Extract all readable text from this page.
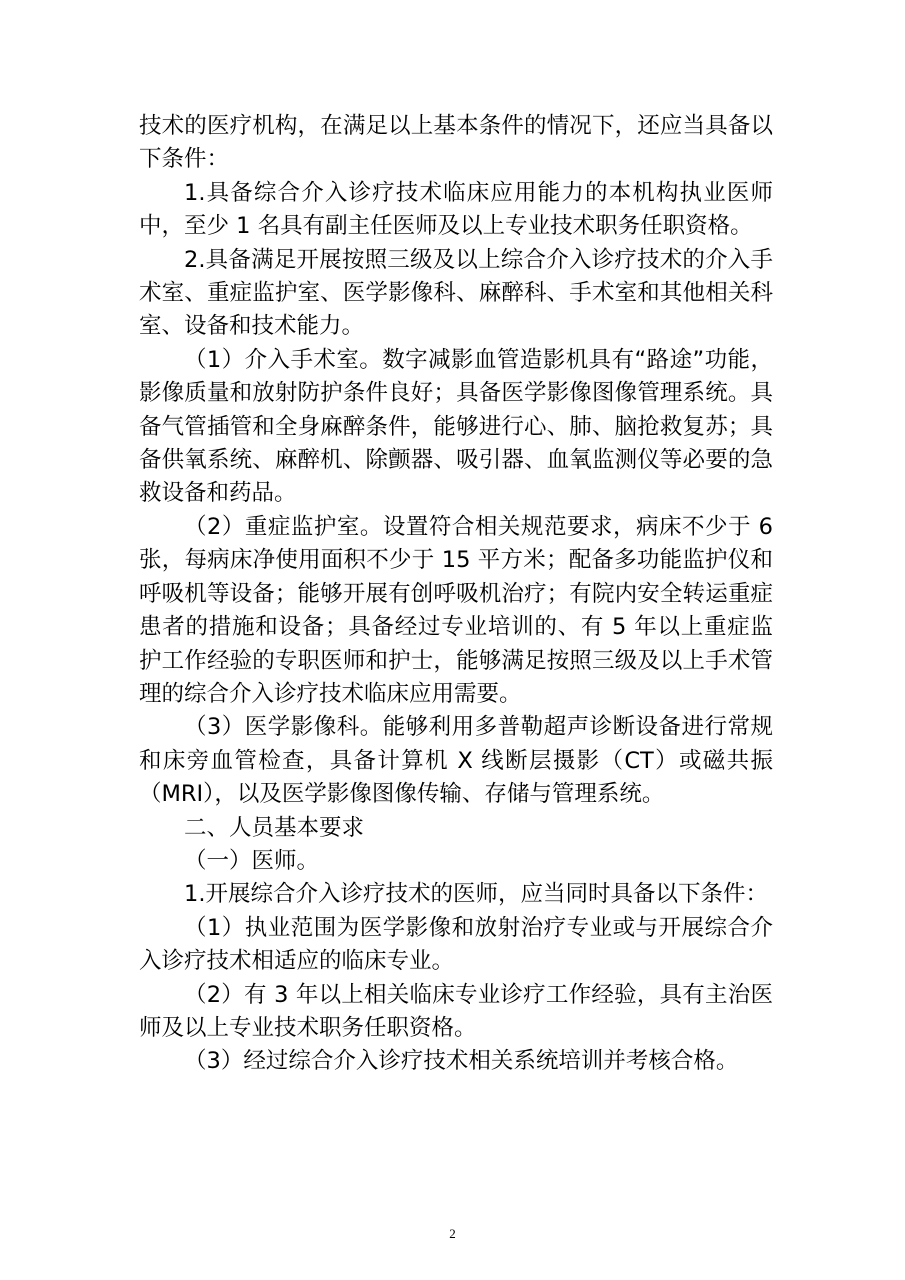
技术的医疗机构，在满足以上基本条件的情况下，还应当具备以下条件：

1.具备综合介入诊疗技术临床应用能力的本机构执业医师中，至少 1 名具有副主任医师及以上专业技术职务任职资格。

2.具备满足开展按照三级及以上综合介入诊疗技术的介入手术室、重症监护室、医学影像科、麻醉科、手术室和其他相关科室、设备和技术能力。

（1）介入手术室。数字减影血管造影机具有“路途”功能，影像质量和放射防护条件良好；具备医学影像图像管理系统。具备气管插管和全身麻醉条件，能够进行心、肺、脑抢救复苏；具备供氧系统、麻醉机、除颤器、吸引器、血氧监测仪等必要的急救设备和药品。

（2）重症监护室。设置符合相关规范要求，病床不少于 6 张，每病床净使用面积不少于 15 平方米；配备多功能监护仪和呼吸机等设备；能够开展有创呼吸机治疗；有院内安全转运重症患者的措施和设备；具备经过专业培训的、有 5 年以上重症监护工作经验的专职医师和护士，能够满足按照三级及以上手术管理的综合介入诊疗技术临床应用需要。

（3）医学影像科。能够利用多普勒超声诊断设备进行常规和床旁血管检查，具备计算机 X 线断层摄影（CT）或磁共振（MRI），以及医学影像图像传输、存储与管理系统。

二、人员基本要求

（一）医师。

1.开展综合介入诊疗技术的医师，应当同时具备以下条件：

（1）执业范围为医学影像和放射治疗专业或与开展综合介入诊疗技术相适应的临床专业。

（2）有 3 年以上相关临床专业诊疗工作经验，具有主治医师及以上专业技术职务任职资格。

（3）经过综合介入诊疗技术相关系统培训并考核合格。

2
